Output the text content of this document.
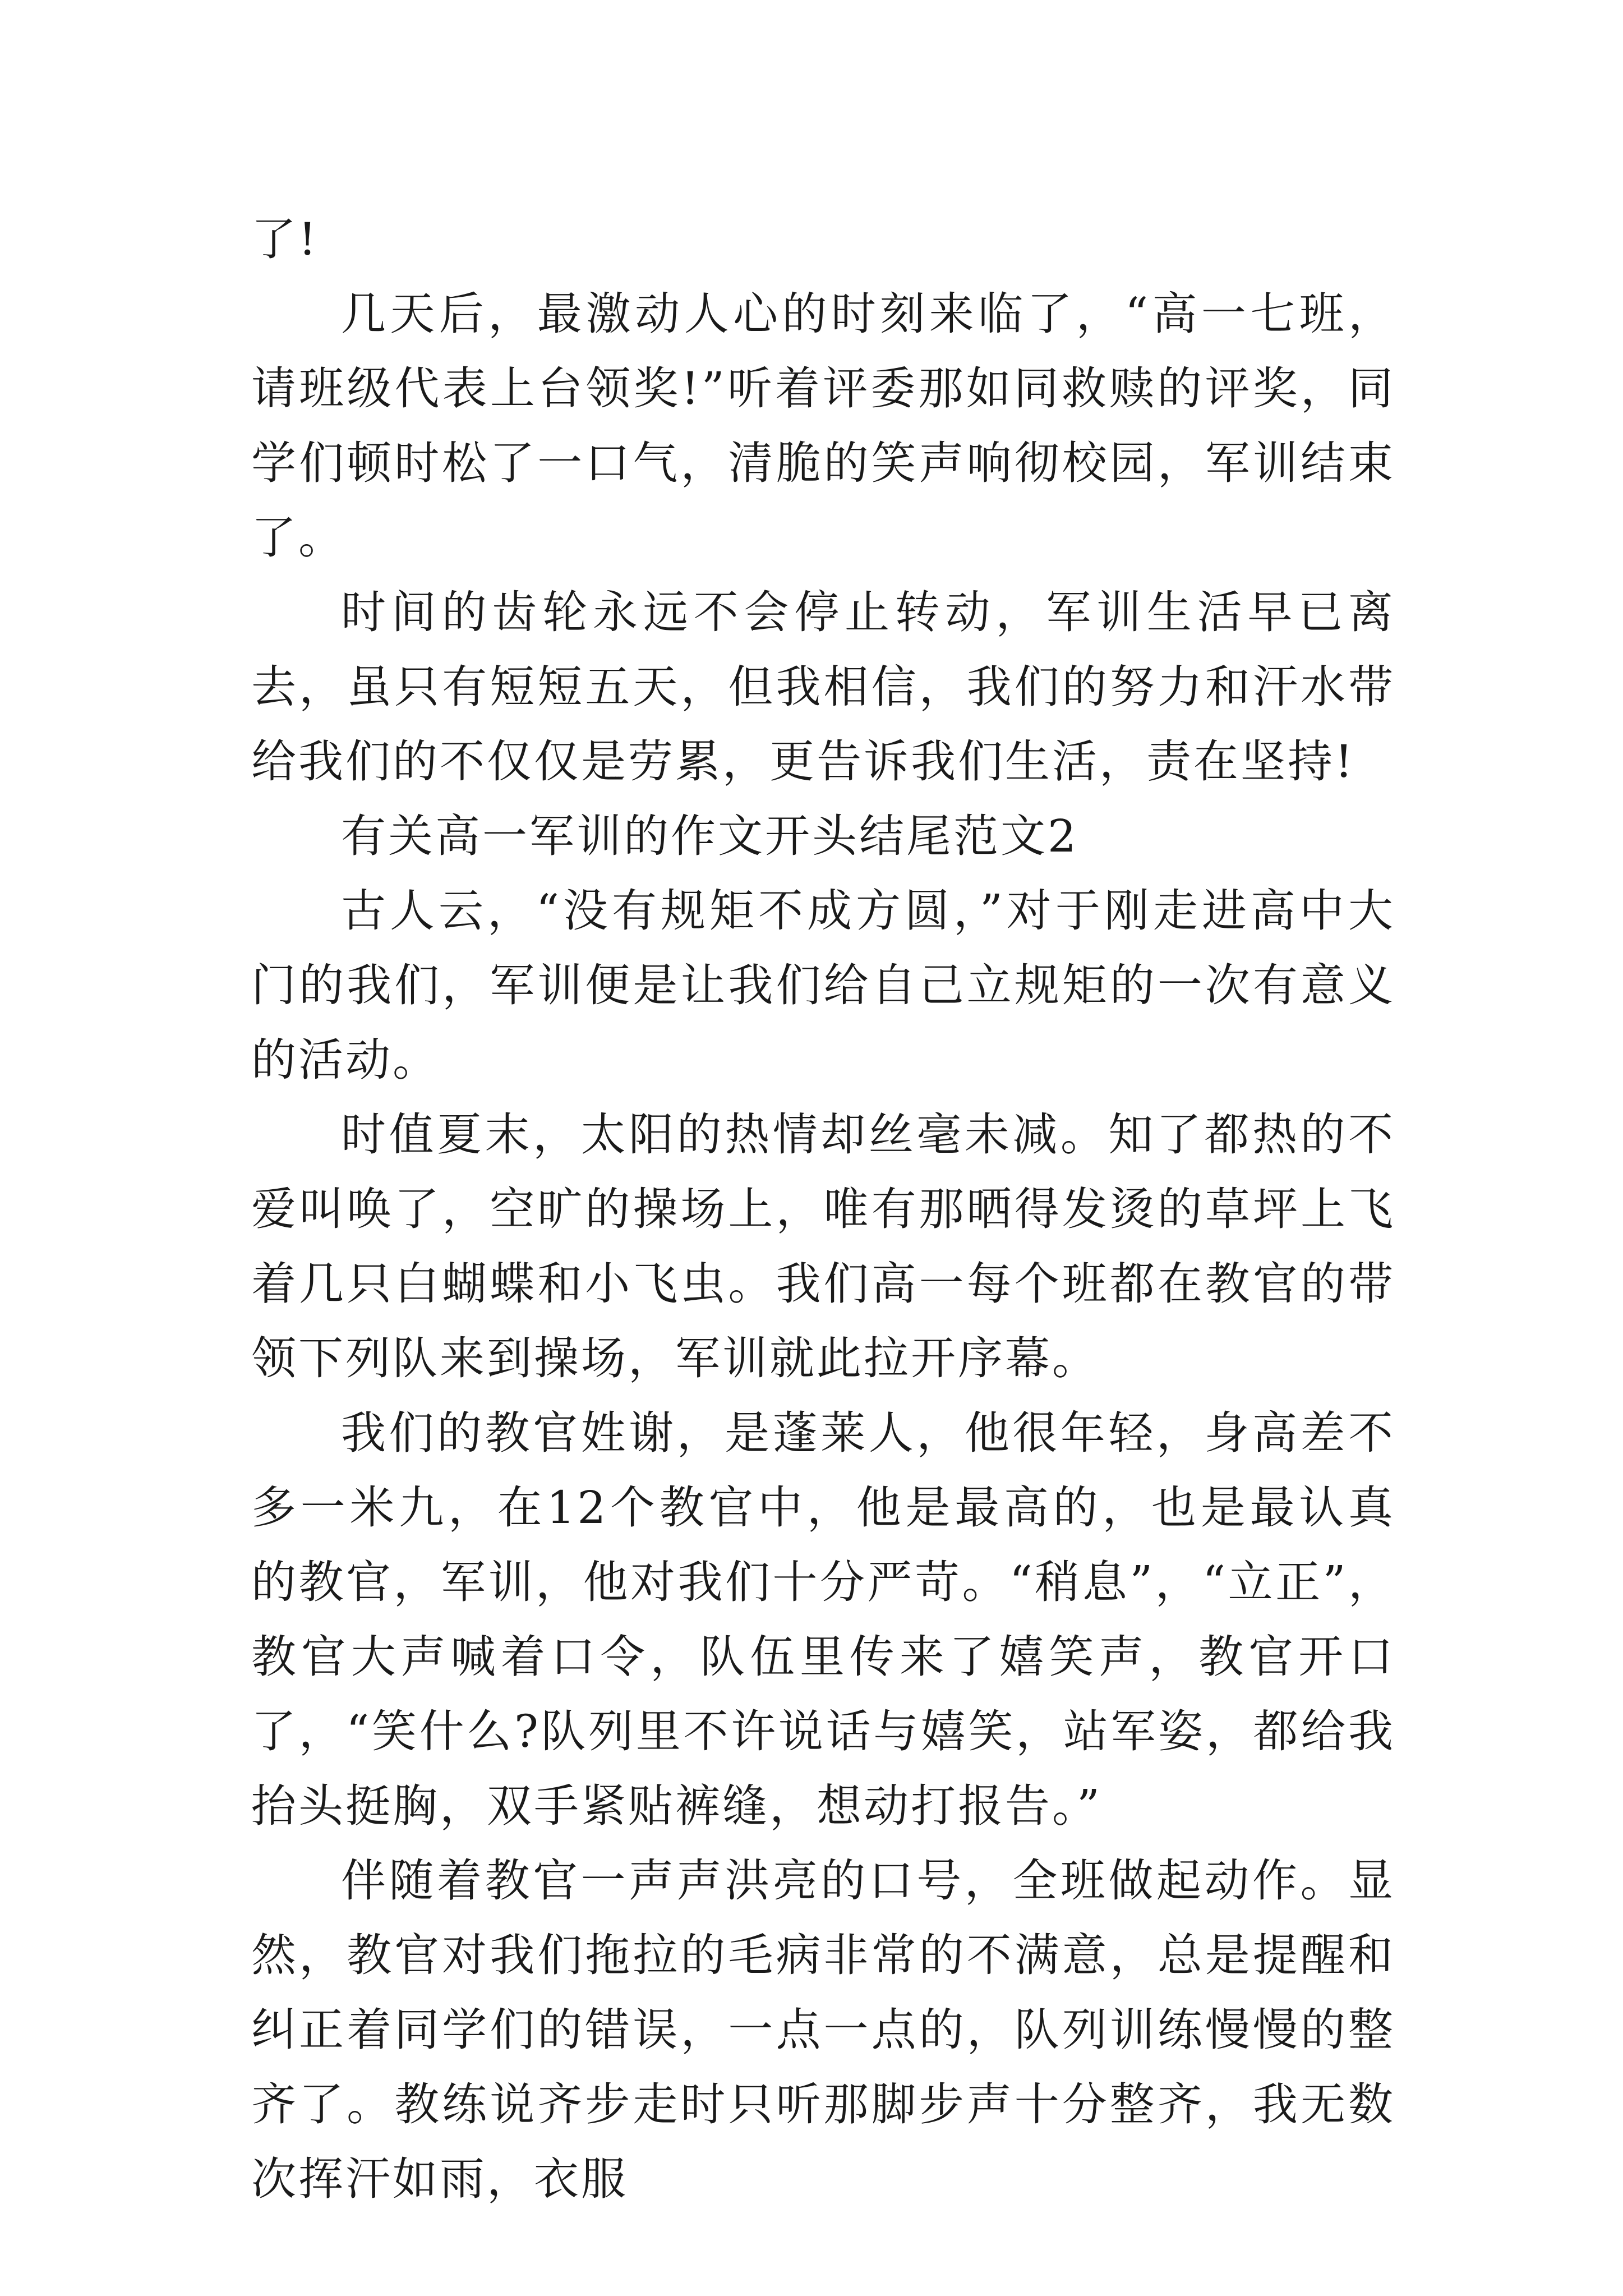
了!

几天后，最激动人心的时刻来临了，“高一七班，请班级代表上台领奖!”听着评委那如同救赎的评奖，同学们顿时松了一口气，清脆的笑声响彻校园，军训结束了。

时间的齿轮永远不会停止转动，军训生活早已离去，虽只有短短五天，但我相信，我们的努力和汗水带给我们的不仅仅是劳累，更告诉我们生活，责在坚持!

有关高一军训的作文开头结尾范文2

古人云，“没有规矩不成方圆，”对于刚走进高中大门的我们，军训便是让我们给自己立规矩的一次有意义的活动。

时值夏末，太阳的热情却丝毫未减。知了都热的不爱叫唤了，空旷的操场上，唯有那晒得发烫的草坪上飞着几只白蝴蝶和小飞虫。我们高一每个班都在教官的带领下列队来到操场，军训就此拉开序幕。

我们的教官姓谢，是蓬莱人，他很年轻，身高差不多一米九，在12个教官中，他是最高的，也是最认真的教官，军训，他对我们十分严苛。“稍息”，“立正”，教官大声喊着口令，队伍里传来了嬉笑声，教官开口了，“笑什么?队列里不许说话与嬉笑，站军姿，都给我抬头挺胸，双手紧贴裤缝，想动打报告。”

伴随着教官一声声洪亮的口号，全班做起动作。显然，教官对我们拖拉的毛病非常的不满意，总是提醒和纠正着同学们的错误，一点一点的，队列训练慢慢的整齐了。教练说齐步走时只听那脚步声十分整齐，我无数次挥汗如雨，衣服
